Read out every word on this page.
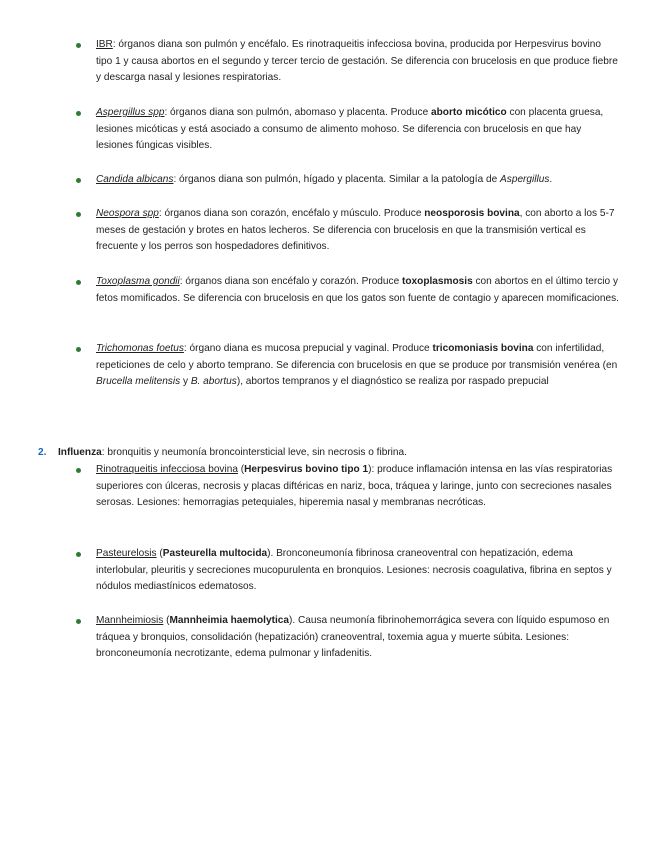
IBR: órganos diana son pulmón y encéfalo. Es rinotraqueitis infecciosa bovina, producida por Herpesvirus bovino tipo 1 y causa abortos en el segundo y tercer tercio de gestación. Se diferencia con brucelosis en que produce fiebre y descarga nasal y lesiones respiratorias.

Aspergillus spp: órganos diana son pulmón, abomaso y placenta. Produce aborto micótico con placenta gruesa, lesiones micóticas y está asociado a consumo de alimento mohoso. Se diferencia con brucelosis en que hay lesiones fúngicas visibles.

Candida albicans: órganos diana son pulmón, hígado y placenta. Similar a la patología de Aspergillus.

Neospora spp: órganos diana son corazón, encéfalo y músculo. Produce neosporosis bovina, con aborto a los 5-7 meses de gestación y brotes en hatos lecheros. Se diferencia con brucelosis en que la transmisión vertical es frecuente y los perros son hospedadores definitivos.

Toxoplasma gondii: órganos diana son encéfalo y corazón. Produce toxoplasmosis con abortos en el último tercio y fetos momificados. Se diferencia con brucelosis en que los gatos son fuente de contagio y aparecen momificaciones.

Trichomonas foetus: órgano diana es mucosa prepucial y vaginal. Produce tricomoniasis bovina con infertilidad, repeticiones de celo y aborto temprano. Se diferencia con brucelosis en que se produce por transmisión venérea (en Brucella melitensis y B. abortus), abortos tempranos y el diagnóstico se realiza por raspado prepucial

2. Influenza: bronquitis y neumonía broncointersticial leve, sin necrosis o fibrina.

Rinotraqueitis infecciosa bovina (Herpesvirus bovino tipo 1): produce inflamación intensa en las vías respiratorias superiores con úlceras, necrosis y placas diftéricas en nariz, boca, tráquea y laringe, junto con secreciones nasales serosas. Lesiones: hemorragias petequiales, hiperemia nasal y membranas necróticas.

Pasteurelosis (Pasteurella multocida). Bronconeumonía fibrinosa craneoventral con hepatización, edema interlobular, pleuritis y secreciones mucopurulenta en bronquios. Lesiones: necrosis coagulativa, fibrina en septos y nódulos mediastínicos edematosos.

Mannheimiosis (Mannheimia haemolytica). Causa neumonía fibrinohemorrágica severa con líquido espumoso en tráquea y bronquios, consolidación (hepatización) craneoventral, toxemia agua y muerte súbita. Lesiones: bronconeumonía necrotizante, edema pulmonar y linfadenitis.
